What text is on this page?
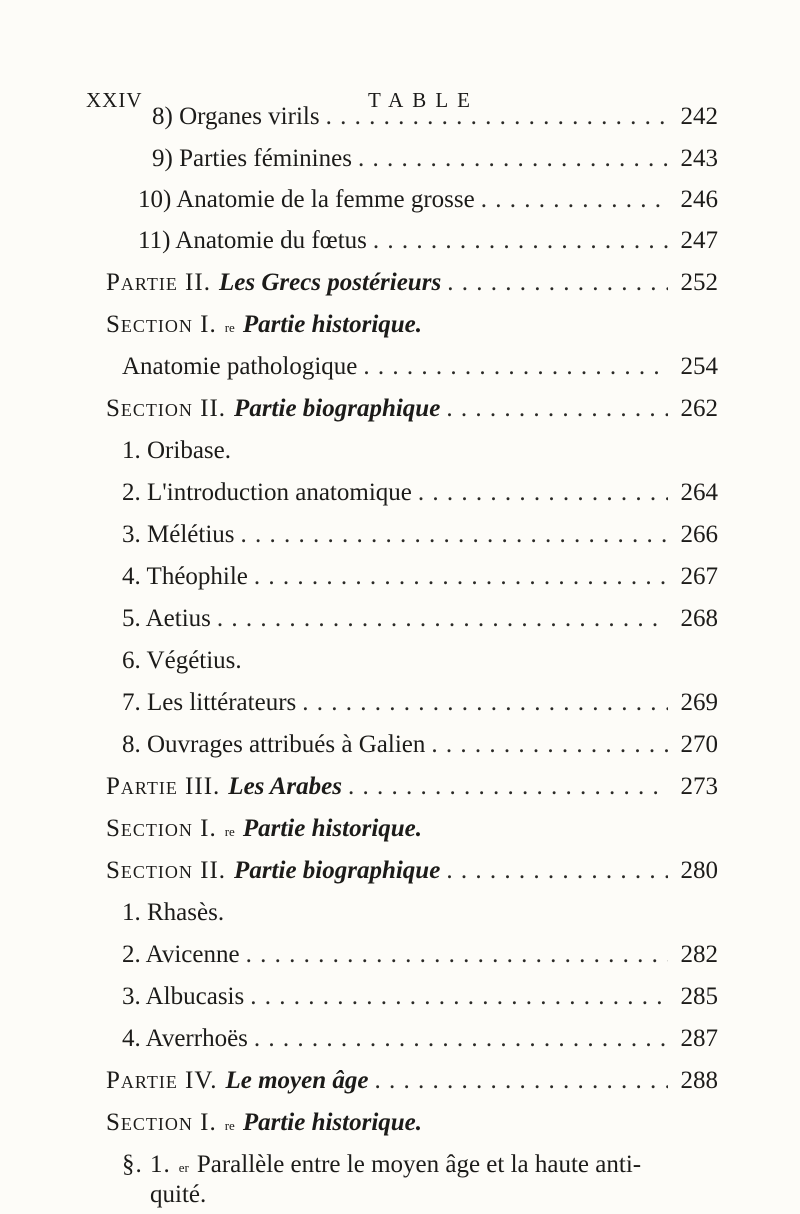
XXIV	TABLE
8) Organes virils . . .	242
9) Parties féminines . . .	243
10) Anatomie de la femme grosse . . .	246
11) Anatomie du fœtus . . .	247
Partie II. Les Grecs postérieurs . . .	252
Section I. re Partie historique.
Anatomie pathologique . . .	254
Section II. Partie biographique . . .	262
1. Oribase.
2. L'introduction anatomique . . .	264
3. Mélétius . . .	266
4. Théophile . . .	267
5. Aetius . . .	268
6. Végétius.
7. Les littérateurs . . .	269
8. Ouvrages attribués à Galien . . .	270
Partie III. Les Arabes . . .	273
Section I. re Partie historique.
Section II. Partie biographique . . .	280
1. Rhasès.
2. Avicenne . . .	282
3. Albucasis . . .	285
4. Averrhoës . . .	287
Partie IV. Le moyen âge . . .	288
Section I. re Partie historique.
§. 1. er Parallèle entre le moyen âge et la haute anti-
quité.
